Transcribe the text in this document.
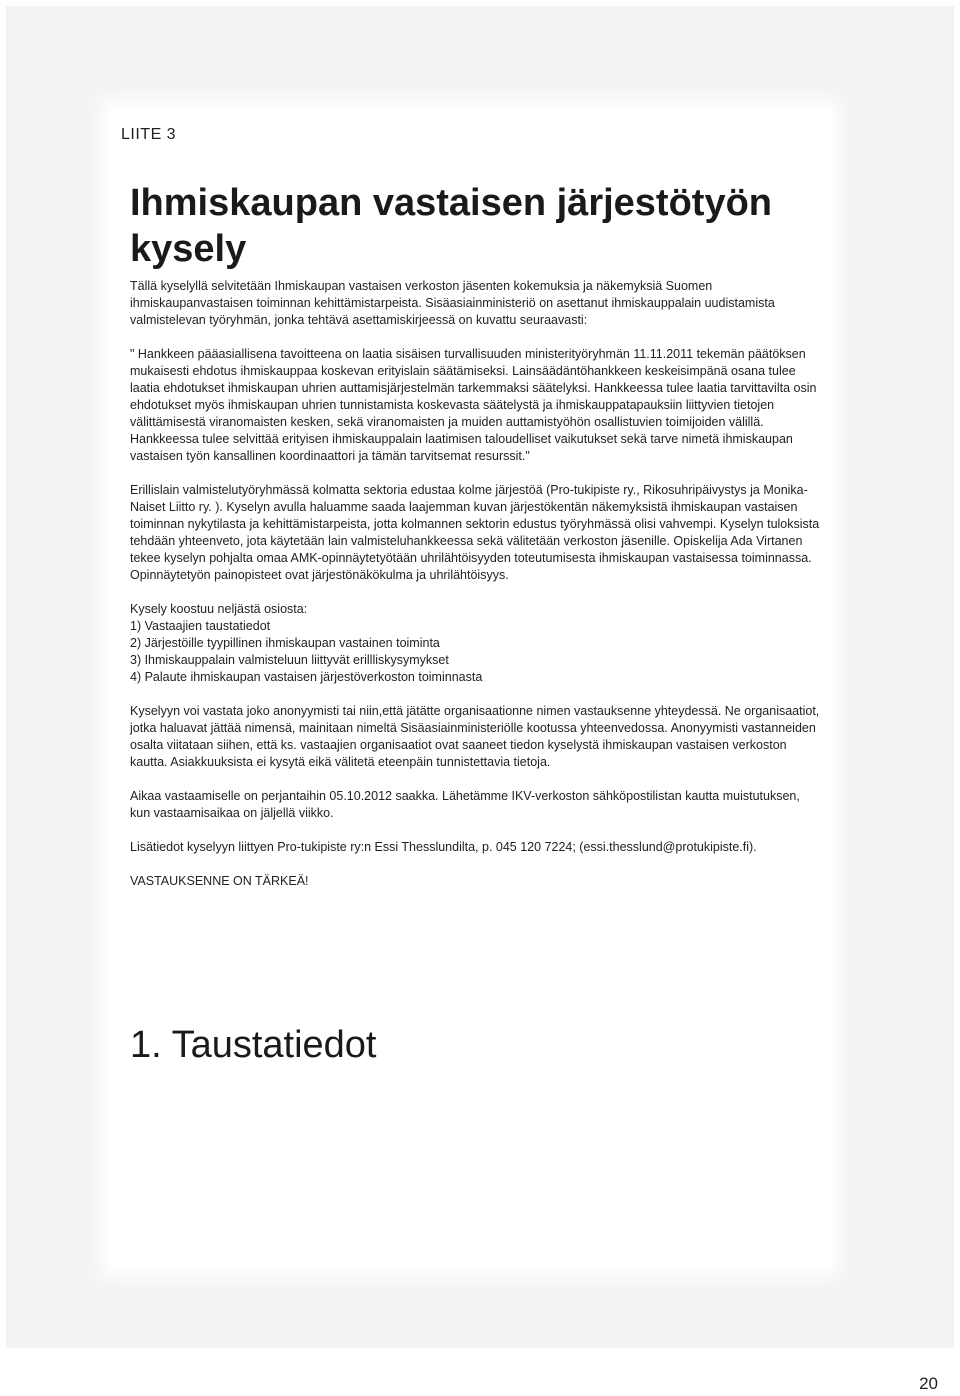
LIITE 3
Ihmiskaupan vastaisen järjestötyön
kysely

Tällä kyselyllä selvitetään Ihmiskaupan vastaisen verkoston jäsenten kokemuksia ja näkemyksiä Suomen ihmiskaupanvastaisen toiminnan kehittämistarpeista. Sisäasiainministeriö on asettanut ihmiskauppalain uudistamista valmistelevan työryhmän, jonka tehtävä asettamiskirjeessä on kuvattu seuraavasti:

" Hankkeen pääasiallisena tavoitteena on laatia sisäisen turvallisuuden ministerityöryhmän 11.11.2011 tekemän päätöksen mukaisesti ehdotus ihmiskauppaa koskevan erityislain säätämiseksi. Lainsäädäntöhankkeen keskeisimpänä osana tulee laatia ehdotukset ihmiskaupan uhrien auttamisjärjestelmän tarkemmaksi säätelyksi. Hankkeessa tulee laatia tarvittavilta osin ehdotukset myös ihmiskaupan uhrien tunnistamista koskevasta säätelystä ja ihmiskauppatapauksiin liittyvien tietojen välittämisestä viranomaisten kesken, sekä viranomaisten ja muiden auttamistyöhön osallistuvien toimijoiden välillä. Hankkeessa tulee selvittää erityisen ihmiskauppalain laatimisen taloudelliset vaikutukset sekä tarve nimetä ihmiskaupan vastaisen työn kansallinen koordinaattori ja tämän tarvitsemat resurssit."

Erillislain valmistelutyöryhmässä kolmatta sektoria edustaa kolme järjestöä (Pro-tukipiste ry., Rikosuhripäivystys ja Monika-Naiset Liitto ry. ). Kyselyn avulla haluamme saada laajemman kuvan järjestökentän näkemyksistä ihmiskaupan vastaisen toiminnan nykytilasta ja kehittämistarpeista, jotta kolmannen sektorin edustus työryhmässä olisi vahvempi. Kyselyn tuloksista tehdään yhteenveto, jota käytetään lain valmisteluhankkeessa sekä välitetään verkoston jäsenille. Opiskelija Ada Virtanen tekee kyselyn pohjalta omaa AMK-opinnäytetyötään uhrilähtöisyyden toteutumisesta ihmiskaupan vastaisessa toiminnassa. Opinnäytetyön painopisteet ovat järjestönäkökulma ja uhrilähtöisyys.

Kysely koostuu neljästä osiosta:

1) Vastaajien taustatiedot

2) Järjestöille tyypillinen ihmiskaupan vastainen toiminta

3) Ihmiskauppalain valmisteluun liittyvät erillliskysymykset

4) Palaute ihmiskaupan vastaisen järjestöverkoston toiminnasta

Kyselyyn voi vastata joko anonyymisti tai niin,että jätätte organisaationne nimen vastauksenne yhteydessä. Ne organisaatiot, jotka haluavat jättää nimensä, mainitaan nimeltä Sisäasiainministeriölle kootussa yhteenvedossa. Anonyymisti vastanneiden osalta viitataan siihen, että ks. vastaajien organisaatiot ovat saaneet tiedon kyselystä ihmiskaupan vastaisen verkoston kautta. Asiakkuuksista ei kysytä eikä välitetä eteenpäin tunnistettavia tietoja.

Aikaa vastaamiselle on perjantaihin 05.10.2012 saakka. Lähetämme IKV-verkoston sähköpostilistan kautta muistutuksen, kun vastaamisaikaa on jäljellä viikko.

Lisätiedot kyselyyn liittyen Pro-tukipiste ry:n Essi Thesslundilta, p. 045 120 7224; (essi.thesslund@protukipiste.fi).

VASTAUKSENNE ON TÄRKEÄ!

1. Taustatiedot
20
